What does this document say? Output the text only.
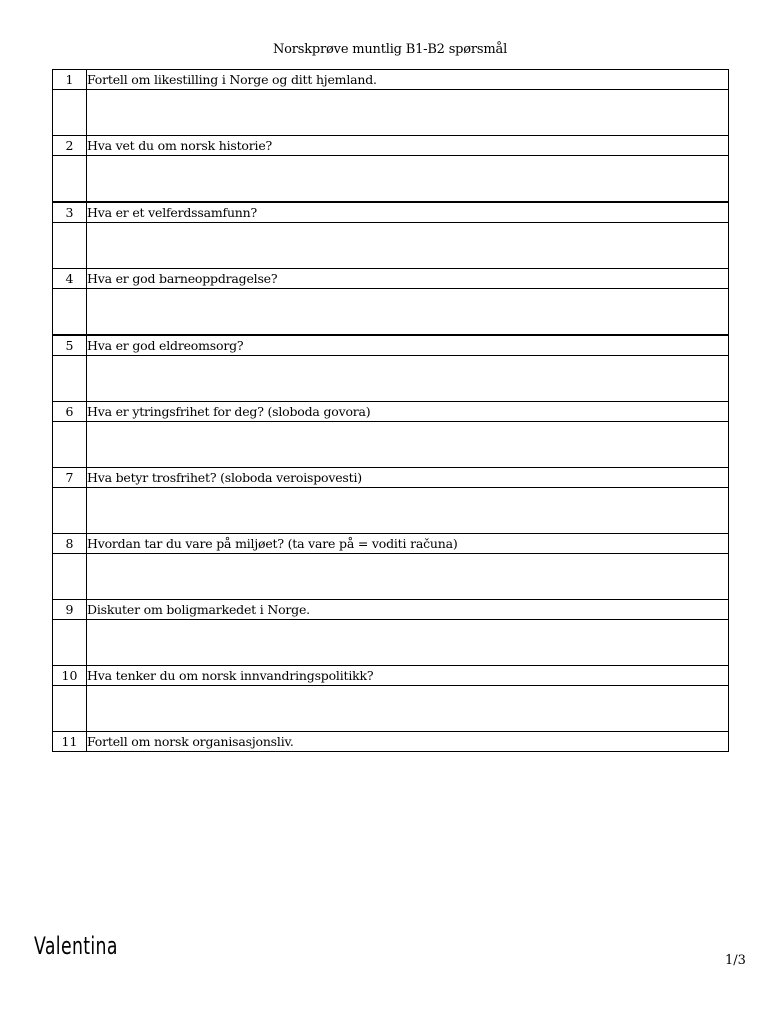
Norskprøve muntlig B1-B2 spørsmål
1	Fortell om likestilling i Norge og ditt hjemland.

2	Hva vet du om norsk historie?

3	Hva er et velferdssamfunn?

4	Hva er god barneoppdragelse?

5	Hva er god eldreomsorg?

6	Hva er ytringsfrihet for deg? (sloboda govora)

7	Hva betyr trosfrihet? (sloboda veroispovesti)

8	Hvordan tar du vare på miljøet? (ta vare på = voditi računa)

9	Diskuter om boligmarkedet i Norge.

10	Hva tenker du om norsk innvandringspolitikk?

11	Fortell om norsk organisasjonsliv.
Valentina
1/3
